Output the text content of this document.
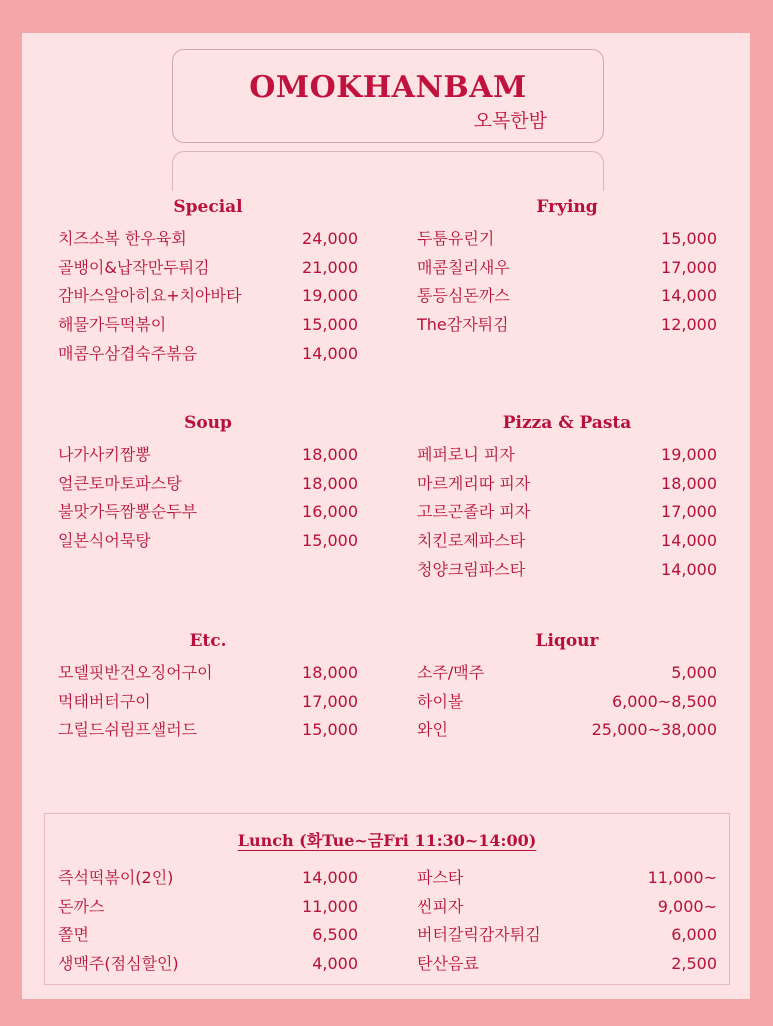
OMOKHANBAM
오목한밤
Special
치즈소복 한우육회	24,000
골뱅이&납작만두튀김	21,000
감바스알아히요+치아바타	19,000
해물가득떡볶이	15,000
매콤우삼겹숙주볶음	14,000
Frying
두툼유린기	15,000
매콤칠리새우	17,000
통등심돈까스	14,000
The감자튀김	12,000
Soup
나가사키짬뽕	18,000
얼큰토마토파스탕	18,000
불맛가득짬뽕순두부	16,000
일본식어묵탕	15,000
Pizza & Pasta
페퍼로니 피자	19,000
마르게리따 피자	18,000
고르곤졸라 피자	17,000
치킨로제파스타	14,000
청양크림파스타	14,000
Etc.
모델핏반건오징어구이	18,000
먹태버터구이	17,000
그릴드쉬림프샐러드	15,000
Liqour
소주/맥주	5,000
하이볼	6,000~8,500
와인	25,000~38,000
Lunch (화Tue~금Fri 11:30~14:00)
즉석떡볶이(2인)	14,000
돈까스	11,000
쫄면	6,500
생맥주(점심할인)	4,000
파스타	11,000~
씬피자	9,000~
버터갈릭감자튀김	6,000
탄산음료	2,500
